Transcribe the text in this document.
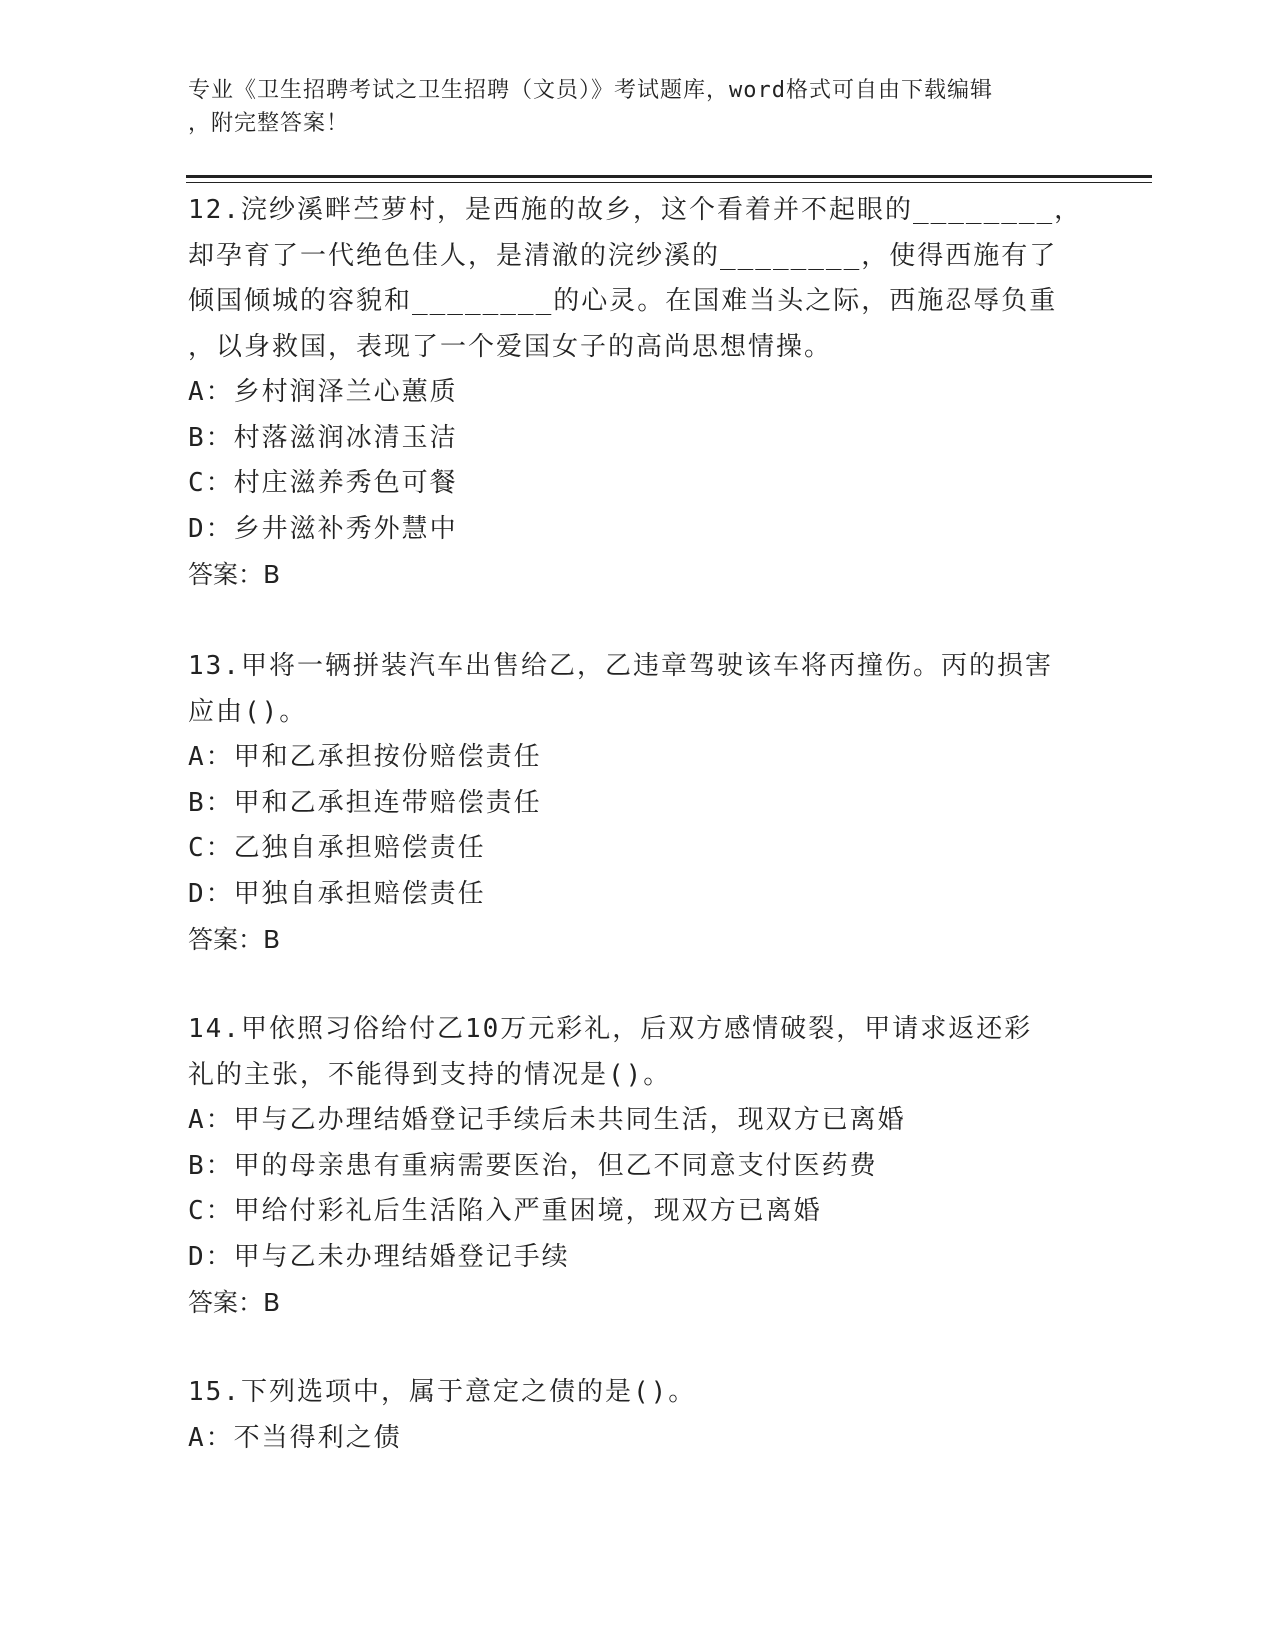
专业《卫生招聘考试之卫生招聘（文员）》考试题库，word格式可自由下载编辑

，附完整答案！

12.浣纱溪畔苎萝村，是西施的故乡，这个看着并不起眼的________，
却孕育了一代绝色佳人，是清澈的浣纱溪的________，使得西施有了
倾国倾城的容貌和________的心灵。在国难当头之际，西施忍辱负重
，以身救国，表现了一个爱国女子的高尚思想情操。
A：乡村润泽兰心蕙质
B：村落滋润冰清玉洁
C：村庄滋养秀色可餐
D：乡井滋补秀外慧中
答案：B
13.甲将一辆拼装汽车出售给乙，乙违章驾驶该车将丙撞伤。丙的损害
应由()。
A：甲和乙承担按份赔偿责任
B：甲和乙承担连带赔偿责任
C：乙独自承担赔偿责任
D：甲独自承担赔偿责任
答案：B
14.甲依照习俗给付乙10万元彩礼，后双方感情破裂，甲请求返还彩
礼的主张，不能得到支持的情况是()。
A：甲与乙办理结婚登记手续后未共同生活，现双方已离婚
B：甲的母亲患有重病需要医治，但乙不同意支付医药费
C：甲给付彩礼后生活陷入严重困境，现双方已离婚
D：甲与乙未办理结婚登记手续
答案：B
15.下列选项中，属于意定之债的是()。
A：不当得利之债
